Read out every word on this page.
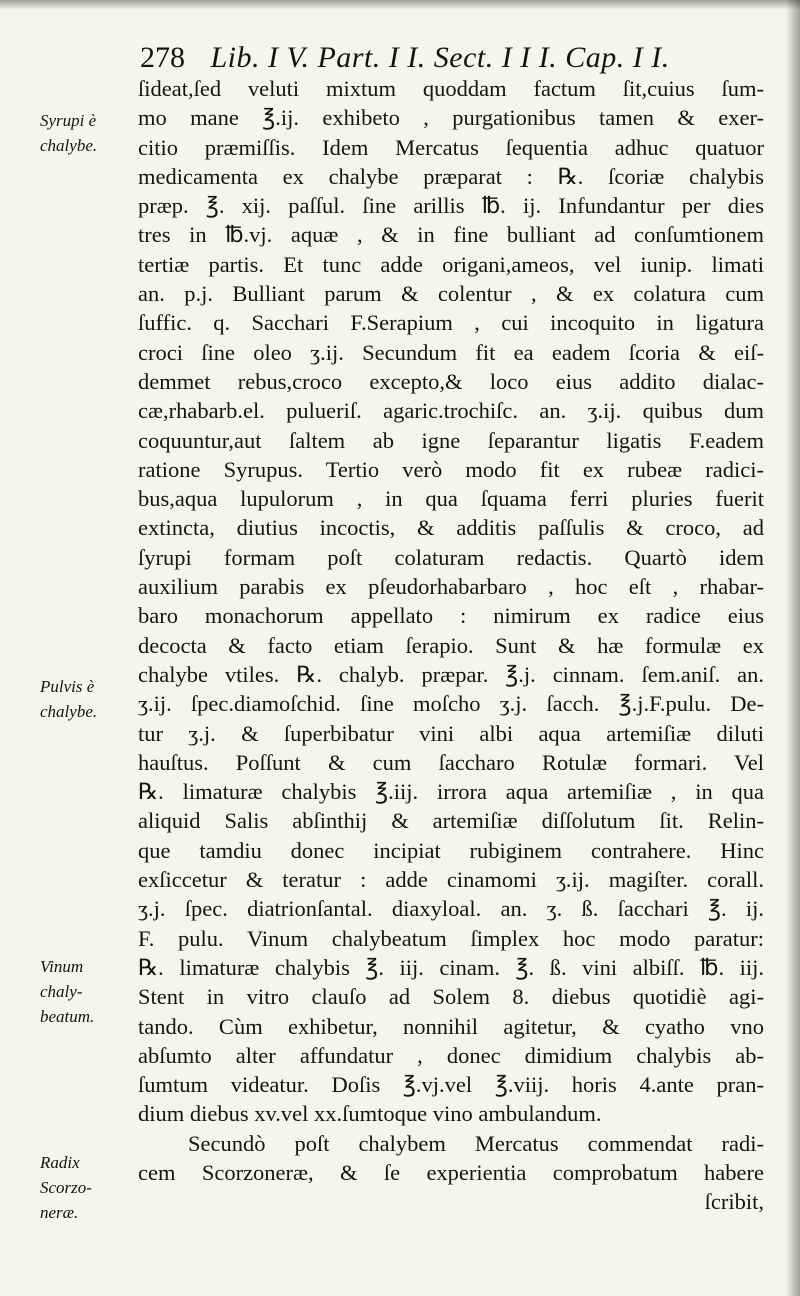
278 Lib. I V. Part. I I. Sect. I I I. Cap. I I.
Syrupi è
chalybe.
Pulvis è
chalybe.
Vinum
chaly-
beatum.
Radix
Scorzo-
neræ.
ſideat,ſed veluti mixtum quoddam factum ſit,cuius ſum-
mo mane ℥.ij. exhibeto , purgationibus tamen & exer-
citio præmiſſis. Idem Mercatus ſequentia adhuc quatuor
medicamenta ex chalybe præparat : ℞. ſcoriæ chalybis
præp. ℥. xij. paſſul. ſine arillis ℔. ij. Infundantur per dies
tres in ℔.vj. aquæ , & in fine bulliant ad conſumtionem
tertiæ partis. Et tunc adde origani,ameos, vel iunip. limati
an. p.j. Bulliant parum & colentur , & ex colatura cum
ſuffic. q. Sacchari F.Serapium , cui incoquito in ligatura
croci ſine oleo ʒ.ij. Secundum fit ea eadem ſcoria & eiſ-
demmet rebus,croco excepto,& loco eius addito dialac-
cæ,rhabarb.el. pulueriſ. agaric.trochiſc. an. ʒ.ij. quibus dum
coquuntur,aut ſaltem ab igne ſeparantur ligatis F.eadem
ratione Syrupus. Tertio verò modo fit ex rubeæ radici-
bus,aqua lupulorum , in qua ſquama ferri pluries fuerit
extincta, diutius incoctis, & additis paſſulis & croco, ad
ſyrupi formam poſt colaturam redactis. Quartò idem
auxilium parabis ex pſeudorhabarbaro , hoc eſt , rhabar-
baro monachorum appellato : nimirum ex radice eius
decocta & facto etiam ſerapio. Sunt & hæ formulæ ex
chalybe vtiles. ℞. chalyb. præpar. ℥.j. cinnam. ſem.aniſ. an.
ʒ.ij. ſpec.diamoſchid. ſine moſcho ʒ.j. ſacch. ℥.j.F.pulu. De-
tur ʒ.j. & ſuperbibatur vini albi aqua artemiſiæ diluti
hauſtus. Poſſunt & cum ſaccharo Rotulæ formari. Vel
℞. limaturæ chalybis ℥.iij. irrora aqua artemiſiæ , in qua
aliquid Salis abſinthij & artemiſiæ diſſolutum ſit. Relin-
que tamdiu donec incipiat rubiginem contrahere. Hinc
exſiccetur & teratur : adde cinamomi ʒ.ij. magiſter. corall.
ʒ.j. ſpec. diatrionſantal. diaxyloal. an. ʒ. ß. ſacchari ℥. ij.
F. pulu. Vinum chalybeatum ſimplex hoc modo paratur:
℞. limaturæ chalybis ℥. iij. cinam. ℥. ß. vini albiſſ. ℔. iij.
Stent in vitro clauſo ad Solem 8. diebus quotidiè agi-
tando. Cùm exhibetur, nonnihil agitetur, & cyatho vno
abſumto alter affundatur , donec dimidium chalybis ab-
ſumtum videatur. Doſis ℥.vj.vel ℥.viij. horis 4.ante pran-
dium diebus xv.vel xx.ſumtoque vino ambulandum.
Secundò poſt chalybem Mercatus commendat radi-
cem Scorzoneræ, & ſe experientia comprobatum habere
ſcribit,
